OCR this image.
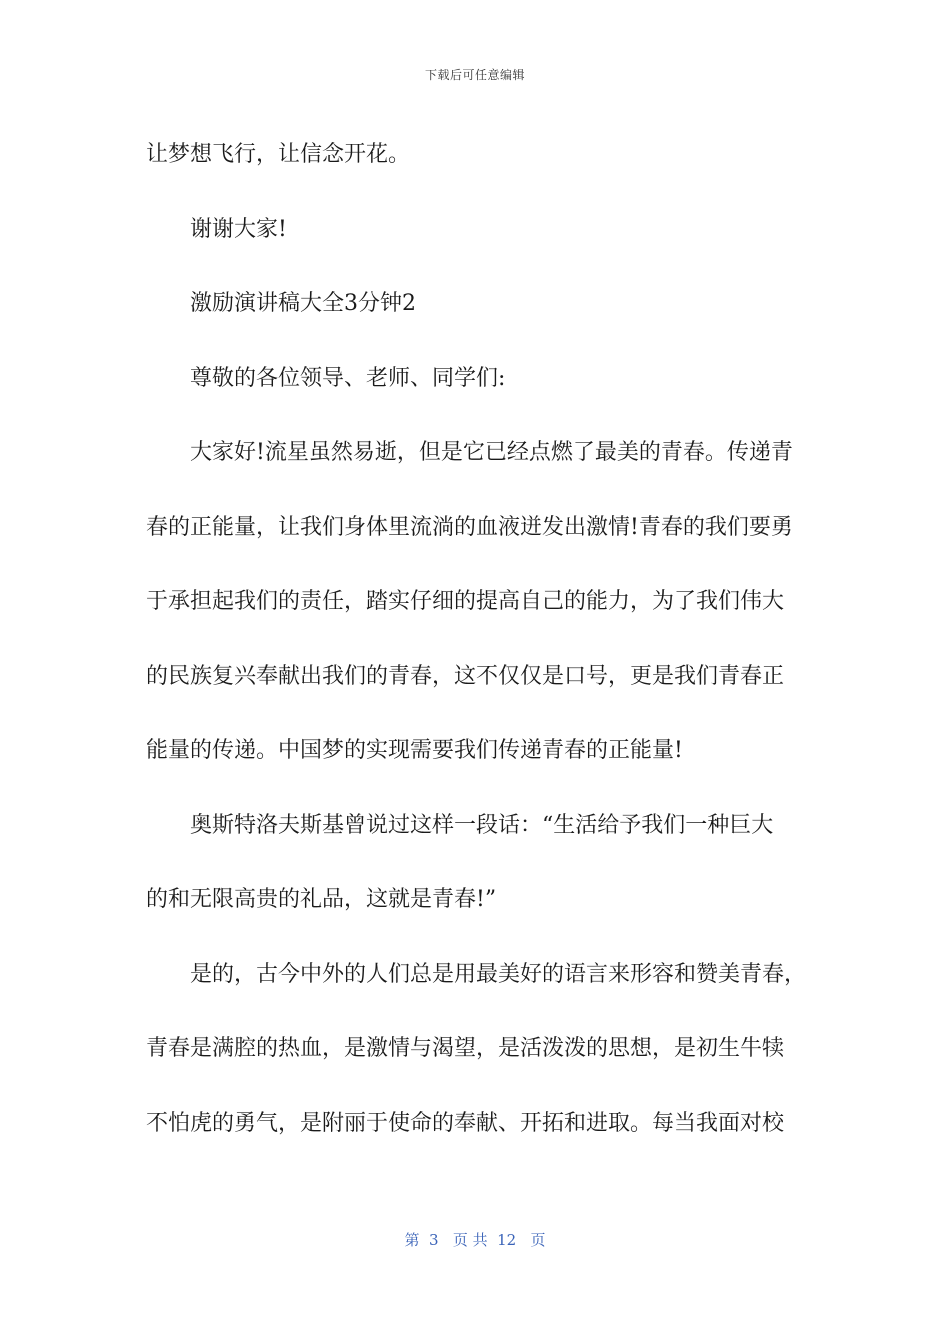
下载后可任意编辑

让梦想飞行，让信念开花。

谢谢大家!

激励演讲稿大全3分钟2

尊敬的各位领导、老师、同学们:

大家好!流星虽然易逝，但是它已经点燃了最美的青春。传递青

春的正能量，让我们身体里流淌的血液迸发出激情!青春的我们要勇

于承担起我们的责任，踏实仔细的提高自己的能力，为了我们伟大

的民族复兴奉献出我们的青春，这不仅仅是口号，更是我们青春正

能量的传递。中国梦的实现需要我们传递青春的正能量!

奥斯特洛夫斯基曾说过这样一段话：“生活给予我们一种巨大

的和无限高贵的礼品，这就是青春!”

是的，古今中外的人们总是用最美好的语言来形容和赞美青春，

青春是满腔的热血，是激情与渴望，是活泼泼的思想，是初生牛犊

不怕虎的勇气，是附丽于使命的奉献、开拓和进取。每当我面对校

第  3   页 共  12   页
